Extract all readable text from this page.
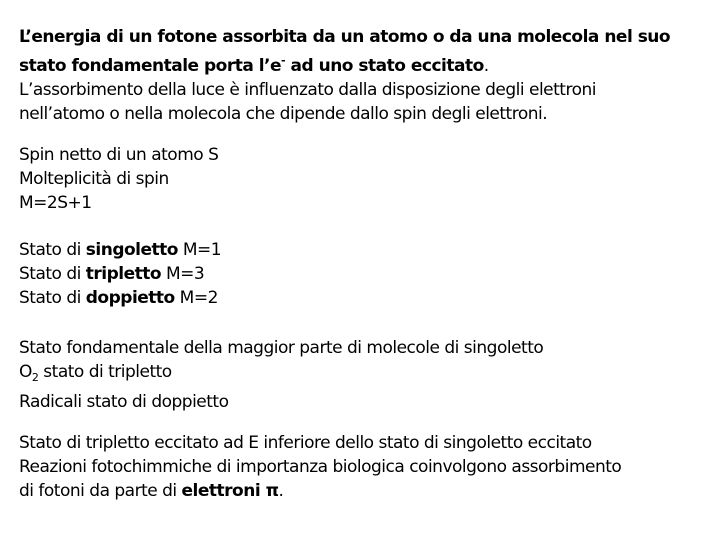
L’energia di un fotone assorbita da un atomo o da una molecola nel suo
stato fondamentale porta l’e- ad uno stato eccitato.
L’assorbimento della luce è influenzato dalla disposizione degli elettroni
nell’atomo o nella molecola che dipende dallo spin degli elettroni.
Spin netto di un atomo S
Molteplicità di spin
M=2S+1
Stato di singoletto M=1
Stato di tripletto M=3
Stato di doppietto M=2
Stato fondamentale della maggior parte di molecole di singoletto
$O_2$ stato di tripletto
Radicali stato di doppietto
Stato di tripletto eccitato ad E inferiore dello stato di singoletto eccitato
Reazioni fotochimmiche di importanza biologica coinvolgono assorbimento
di fotoni da parte di elettroni π.
